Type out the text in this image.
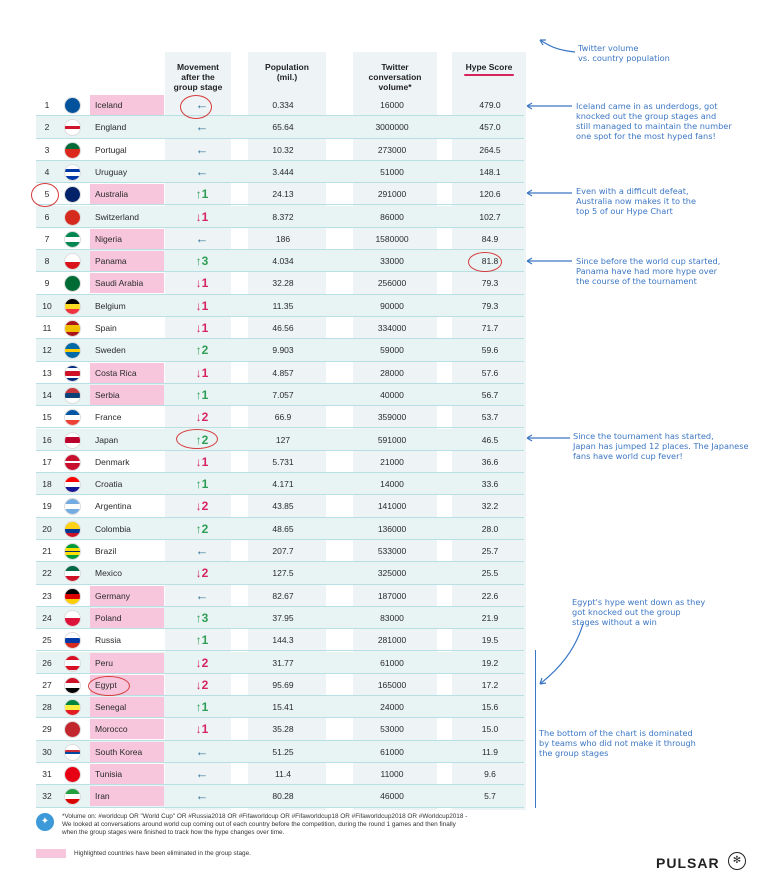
Movement after the group stage
Population (mil.)
Twitter conversation volume*
Hype Score
1	Iceland	←	0.334	16000	479.0
2	England	←	65.64	3000000	457.0
3	Portugal	←	10.32	273000	264.5
4	Uruguay	←	3.444	51000	148.1
5	Australia	↑1	24.13	291000	120.6
6	Switzerland	↓1	8.372	86000	102.7
7	Nigeria	←	186	1580000	84.9
8	Panama	↑3	4.034	33000	81.8
9	Saudi Arabia	↓1	32.28	256000	79.3
10	Belgium	↓1	11.35	90000	79.3
11	Spain	↓1	46.56	334000	71.7
12	Sweden	↑2	9.903	59000	59.6
13	Costa Rica	↓1	4.857	28000	57.6
14	Serbia	↑1	7.057	40000	56.7
15	France	↓2	66.9	359000	53.7
16	Japan	↑2	127	591000	46.5
17	Denmark	↓1	5.731	21000	36.6
18	Croatia	↑1	4.171	14000	33.6
19	Argentina	↓2	43.85	141000	32.2
20	Colombia	↑2	48.65	136000	28.0
21	Brazil	←	207.7	533000	25.7
22	Mexico	↓2	127.5	325000	25.5
23	Germany	←	82.67	187000	22.6
24	Poland	↑3	37.95	83000	21.9
25	Russia	↑1	144.3	281000	19.5
26	Peru	↓2	31.77	61000	19.2
27	Egypt	↓2	95.69	165000	17.2
28	Senegal	↑1	15.41	24000	15.6
29	Morocco	↓1	35.28	53000	15.0
30	South Korea	←	51.25	61000	11.9
31	Tunisia	←	11.4	11000	9.6
32	Iran	←	80.28	46000	5.7
Twitter volume
vs. country population
Iceland came in as underdogs, got
knocked out the group stages and
still managed to maintain the number
one spot for the most hyped fans!
Even with a difficult defeat,
Australia now makes it to the
top 5 of our Hype Chart
Since before the world cup started,
Panama have had more hype over
the course of the tournament
Since the tournament has started,
Japan has jumped 12 places. The Japanese
fans have world cup fever!
Egypt's hype went down as they
got knocked out the group
stages without a win
The bottom of the chart is dominated
by teams who did not make it through
the group stages
✦	*Volume on: #worldcup OR "World Cup" OR #Russia2018 OR #Fifaworldcup OR #Fifaworldcup18 OR #Fifaworldcup2018 OR #Worldcup2018 - We looked at conversations around world cup coming out of each country before the competition, during the round 1 games and then finally when the group stages were finished to track how the hype changes over time.
Highlighted countries have been eliminated in the group stage.
PULSAR	✻
